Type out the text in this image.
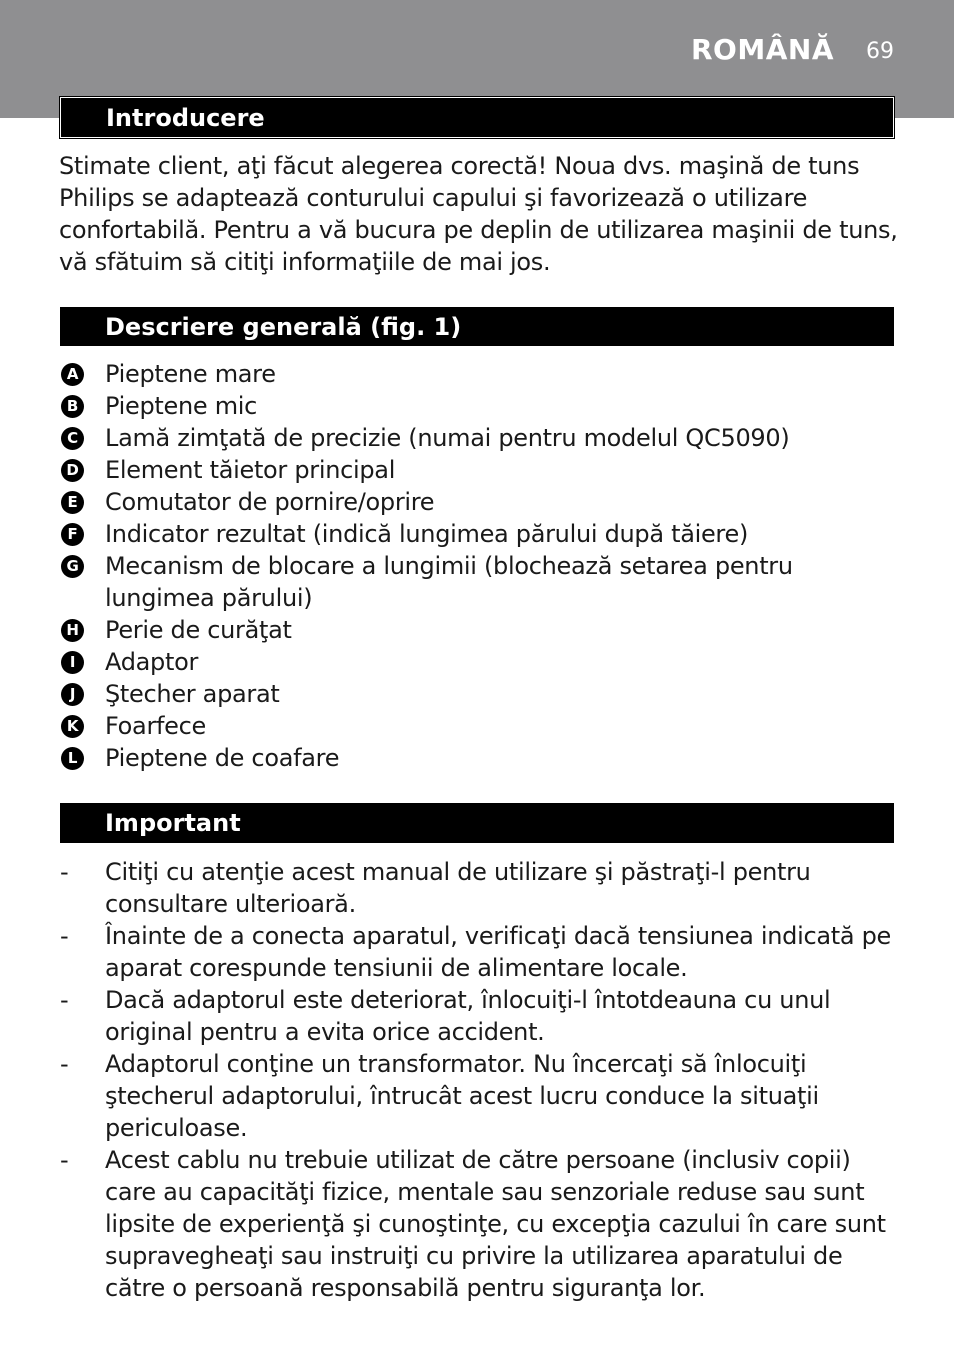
ROMÂNĂ 69
Introducere
Stimate client, aţi făcut alegerea corectă! Noua dvs. maşină de tuns Philips se adaptează conturului capului şi favorizează o utilizare confortabilă. Pentru a vă bucura pe deplin de utilizarea maşinii de tuns, vă sfătuim să citiţi informaţiile de mai jos.
Descriere generală (fig. 1)
A Pieptene mare
B Pieptene mic
C Lamă zimţată de precizie (numai pentru modelul QC5090)
D Element tăietor principal
E Comutator de pornire/oprire
F Indicator rezultat (indică lungimea părului după tăiere)
G Mecanism de blocare a lungimii (blochează setarea pentru lungimea părului)
H Perie de curăţat
I	Adaptor
J	Ştecher aparat
K Foarfece
L Pieptene de coafare
Important
- Citiţi cu atenţie acest manual de utilizare şi păstraţi-l pentru consultare ulterioară.
- Înainte de a conecta aparatul, verificaţi dacă tensiunea indicată pe aparat corespunde tensiunii de alimentare locale.
- Dacă adaptorul este deteriorat, înlocuiţi-l întotdeauna cu unul original pentru a evita orice accident.
- Adaptorul conţine un transformator. Nu încercaţi să înlocuiţi ştecherul adaptorului, întrucât acest lucru conduce la situaţii periculoase.
- Acest cablu nu trebuie utilizat de către persoane (inclusiv copii) care au capacităţi fizice, mentale sau senzoriale reduse sau sunt lipsite de experienţă şi cunoştinţe, cu excepţia cazului în care sunt supravegheaţi sau instruiţi cu privire la utilizarea aparatului de către o persoană responsabilă pentru siguranţa lor.
